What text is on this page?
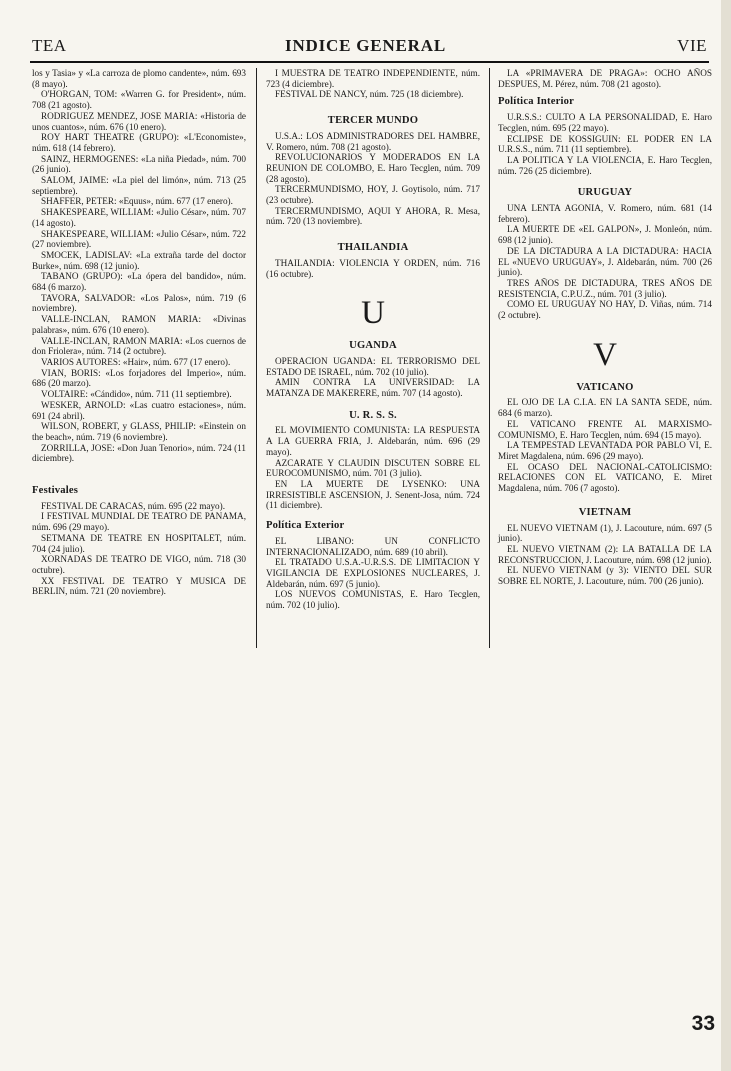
TEA	INDICE GENERAL	VIE

los y Tasia» y «La carroza de plomo candente», núm. 693 (8 mayo).

O'HORGAN, TOM: «Warren G. for President», núm. 708 (21 agosto).

RODRIGUEZ MENDEZ, JOSE MARIA: «Historia de unos cuantos», núm. 676 (10 enero).

ROY HART THEATRE (GRUPO): «L'Economiste», núm. 618 (14 febrero).

SAINZ, HERMOGENES: «La niña Piedad», núm. 700 (26 junio).

SALOM, JAIME: «La piel del limón», núm. 713 (25 septiembre).

SHAFFER, PETER: «Equus», núm. 677 (17 enero).

SHAKESPEARE, WILLIAM: «Julio César», núm. 707 (14 agosto).

SHAKESPEARE, WILLIAM: «Julio César», núm. 722 (27 noviembre).

SMOCEK, LADISLAV: «La extraña tarde del doctor Burke», núm. 698 (12 junio).

TABANO (GRUPO): «La ópera del bandido», núm. 684 (6 marzo).

TAVORA, SALVADOR: «Los Palos», núm. 719 (6 noviembre).

VALLE-INCLAN, RAMON MARIA: «Divinas palabras», núm. 676 (10 enero).

VALLE-INCLAN, RAMON MARIA: «Los cuernos de don Friolera», núm. 714 (2 octubre).

VARIOS AUTORES: «Hair», núm. 677 (17 enero).

VIAN, BORIS: «Los forjadores del Imperio», núm. 686 (20 marzo).

VOLTAIRE: «Cándido», núm. 711 (11 septiembre).

WESKER, ARNOLD: «Las cuatro estaciones», núm. 691 (24 abril).

WILSON, ROBERT, y GLASS, PHILIP: «Einstein on the beach», núm. 719 (6 noviembre).

ZORRILLA, JOSE: «Don Juan Tenorio», núm. 724 (11 diciembre).

Festivales

FESTIVAL DE CARACAS, núm. 695 (22 mayo).

I FESTIVAL MUNDIAL DE TEATRO DE PANAMA, núm. 696 (29 mayo).

SETMANA DE TEATRE EN HOSPITALET, núm. 704 (24 julio).

XORNADAS DE TEATRO DE VIGO, núm. 718 (30 octubre).

XX FESTIVAL DE TEATRO Y MUSICA DE BERLIN, núm. 721 (20 noviembre).

I MUESTRA DE TEATRO INDEPENDIENTE, núm. 723 (4 diciembre).

FESTIVAL DE NANCY, núm. 725 (18 diciembre).

TERCER MUNDO

U.S.A.: LOS ADMINISTRADORES DEL HAMBRE, V. Romero, núm. 708 (21 agosto).

REVOLUCIONARIOS Y MODERADOS EN LA REUNION DE COLOMBO, E. Haro Tecglen, núm. 709 (28 agosto).

TERCERMUNDISMO, HOY, J. Goytisolo, núm. 717 (23 octubre).

TERCERMUNDISMO, AQUI Y AHORA, R. Mesa, núm. 720 (13 noviembre).

THAILANDIA

THAILANDIA: VIOLENCIA Y ORDEN, núm. 716 (16 octubre).

U
UGANDA

OPERACION UGANDA: EL TERRORISMO DEL ESTADO DE ISRAEL, núm. 702 (10 julio).

AMIN CONTRA LA UNIVERSIDAD: LA MATANZA DE MAKERERE, núm. 707 (14 agosto).

U. R. S. S.

EL MOVIMIENTO COMUNISTA: LA RESPUESTA A LA GUERRA FRIA, J. Aldebarán, núm. 696 (29 mayo).

AZCARATE Y CLAUDIN DISCUTEN SOBRE EL EUROCOMUNISMO, núm. 701 (3 julio).

EN LA MUERTE DE LYSENKO: UNA IRRESISTIBLE ASCENSION, J. Senent-Josa, núm. 724 (11 diciembre).

Política Exterior

EL LIBANO: UN CONFLICTO INTERNACIONALIZADO, núm. 689 (10 abril).

EL TRATADO U.S.A.-U.R.S.S. DE LIMITACION Y VIGILANCIA DE EXPLOSIONES NUCLEARES, J. Aldebarán, núm. 697 (5 junio).

LOS NUEVOS COMUNISTAS, E. Haro Tecglen, núm. 702 (10 julio).

LA «PRIMAVERA DE PRAGA»: OCHO AÑOS DESPUES, M. Pérez, núm. 708 (21 agosto).

Política Interior

U.R.S.S.: CULTO A LA PERSONALIDAD, E. Haro Tecglen, núm. 695 (22 mayo).

ECLIPSE DE KOSSIGUIN: EL PODER EN LA U.R.S.S., núm. 711 (11 septiembre).

LA POLITICA Y LA VIOLENCIA, E. Haro Tecglen, núm. 726 (25 diciembre).

URUGUAY

UNA LENTA AGONIA, V. Romero, núm. 681 (14 febrero).

LA MUERTE DE «EL GALPON», J. Monleón, núm. 698 (12 junio).

DE LA DICTADURA A LA DICTADURA: HACIA EL «NUEVO URUGUAY», J. Aldebarán, núm. 700 (26 junio).

TRES AÑOS DE DICTADURA, TRES AÑOS DE RESISTENCIA, C.P.U.Z., núm. 701 (3 julio).

COMO EL URUGUAY NO HAY, D. Viñas, núm. 714 (2 octubre).

V
VATICANO

EL OJO DE LA C.I.A. EN LA SANTA SEDE, núm. 684 (6 marzo).

EL VATICANO FRENTE AL MARXISMO-COMUNISMO, E. Haro Tecglen, núm. 694 (15 mayo).

LA TEMPESTAD LEVANTADA POR PABLO VI, E. Miret Magdalena, núm. 696 (29 mayo).

EL OCASO DEL NACIONAL-CATOLICISMO: RELACIONES CON EL VATICANO, E. Miret Magdalena, núm. 706 (7 agosto).

VIETNAM

EL NUEVO VIETNAM (1), J. Lacouture, núm. 697 (5 junio).

EL NUEVO VIETNAM (2): LA BATALLA DE LA RECONSTRUCCION, J. Lacouture, núm. 698 (12 junio).

EL NUEVO VIETNAM (y 3): VIENTO DEL SUR SOBRE EL NORTE, J. Lacouture, núm. 700 (26 junio).

33
